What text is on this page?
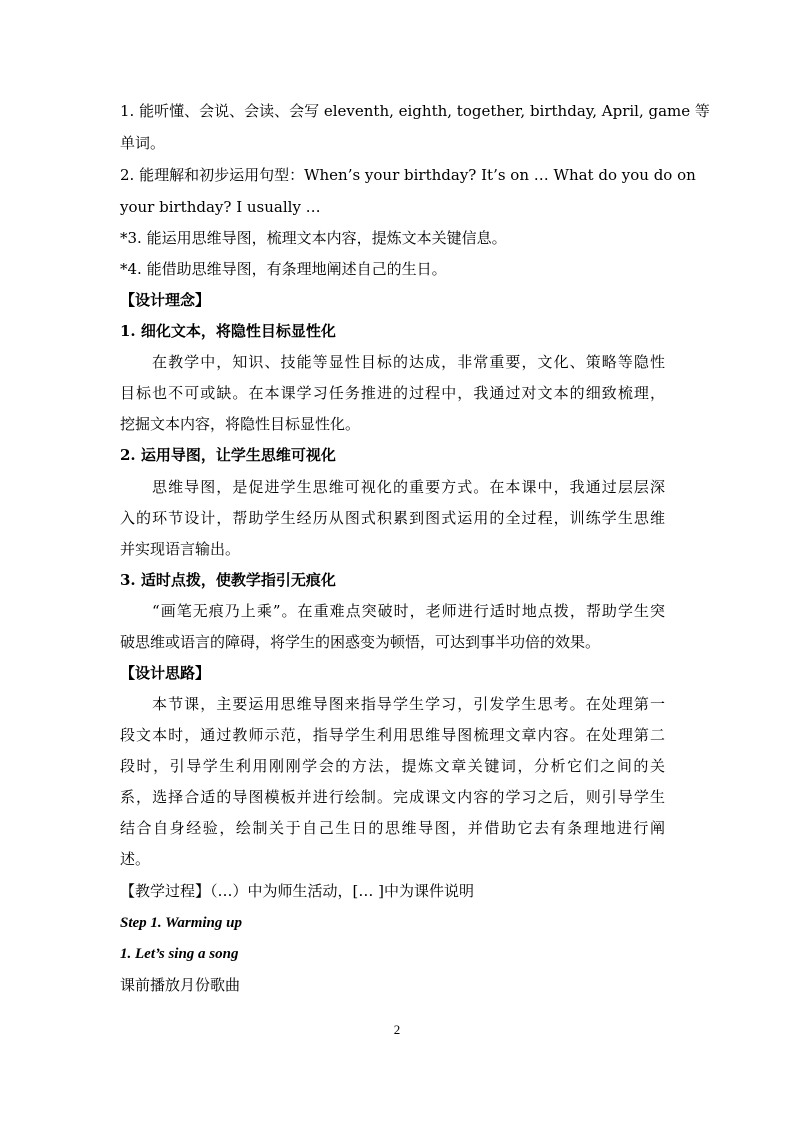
1. 能听懂、会说、会读、会写 eleventh, eighth, together, birthday, April, game 等
单词。
2. 能理解和初步运用句型：When’s your birthday? It’s on … What do you do on
your birthday? I usually …
*3. 能运用思维导图，梳理文本内容，提炼文本关键信息。
*4. 能借助思维导图，有条理地阐述自己的生日。
【设计理念】
1. 细化文本，将隐性目标显性化
在教学中，知识、技能等显性目标的达成，非常重要，文化、策略等隐性
目标也不可或缺。在本课学习任务推进的过程中，我通过对文本的细致梳理，
挖掘文本内容，将隐性目标显性化。
2. 运用导图，让学生思维可视化
思维导图，是促进学生思维可视化的重要方式。在本课中，我通过层层深
入的环节设计，帮助学生经历从图式积累到图式运用的全过程，训练学生思维
并实现语言输出。
3. 适时点拨，使教学指引无痕化
“画笔无痕乃上乘”。在重难点突破时，老师进行适时地点拨，帮助学生突
破思维或语言的障碍，将学生的困惑变为顿悟，可达到事半功倍的效果。
【设计思路】
本节课，主要运用思维导图来指导学生学习，引发学生思考。在处理第一
段文本时，通过教师示范，指导学生利用思维导图梳理文章内容。在处理第二
段时，引导学生利用刚刚学会的方法，提炼文章关键词，分析它们之间的关
系，选择合适的导图模板并进行绘制。完成课文内容的学习之后，则引导学生
结合自身经验，绘制关于自己生日的思维导图，并借助它去有条理地进行阐
述。
【教学过程】（…）中为师生活动，[… ]中为课件说明
Step 1. Warming up
1. Let’s sing a song
课前播放月份歌曲
2
